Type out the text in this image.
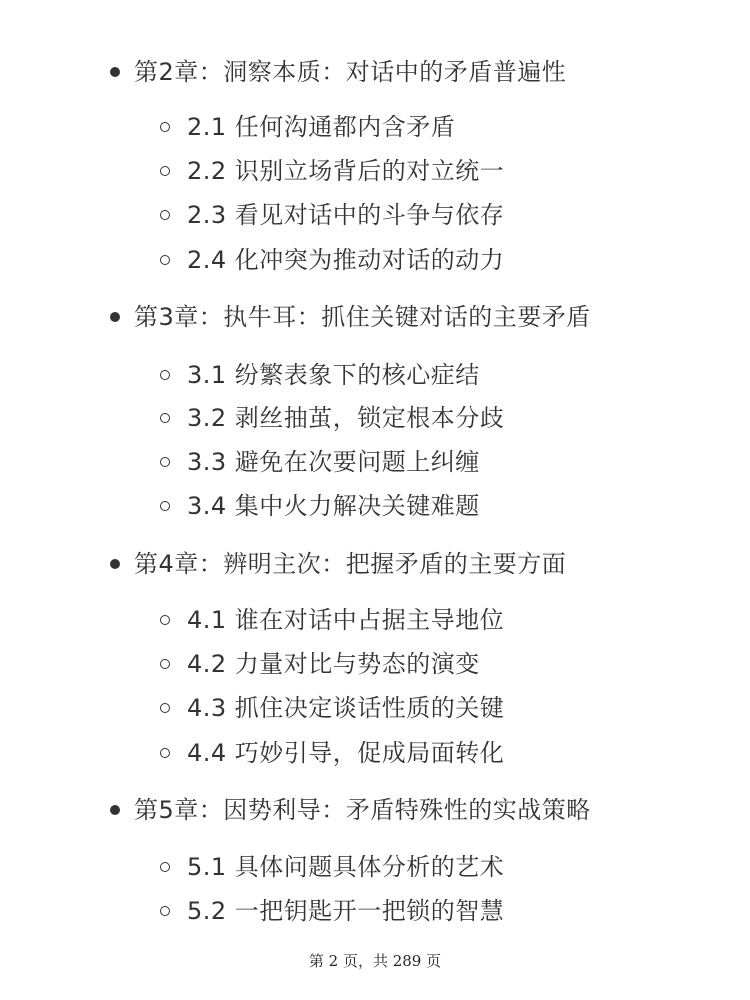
第2章：洞察本质：对话中的矛盾普遍性
2.1 任何沟通都内含矛盾
2.2 识别立场背后的对立统一
2.3 看见对话中的斗争与依存
2.4 化冲突为推动对话的动力
第3章：执牛耳：抓住关键对话的主要矛盾
3.1 纷繁表象下的核心症结
3.2 剥丝抽茧，锁定根本分歧
3.3 避免在次要问题上纠缠
3.4 集中火力解决关键难题
第4章：辨明主次：把握矛盾的主要方面
4.1 谁在对话中占据主导地位
4.2 力量对比与势态的演变
4.3 抓住决定谈话性质的关键
4.4 巧妙引导，促成局面转化
第5章：因势利导：矛盾特殊性的实战策略
5.1 具体问题具体分析的艺术
5.2 一把钥匙开一把锁的智慧
第 2 页，共 289 页
